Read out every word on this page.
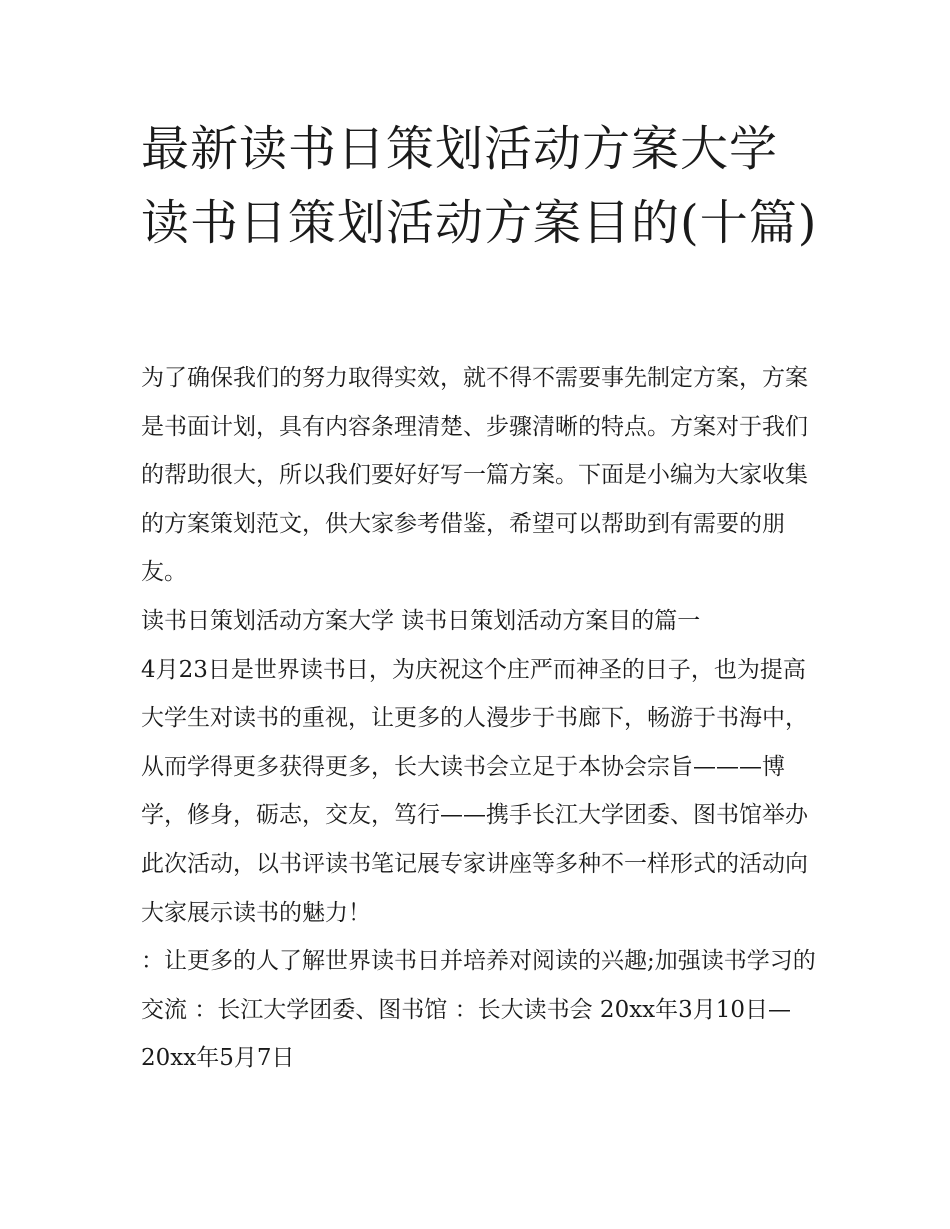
最新读书日策划活动方案大学读书日策划活动方案目的(十篇)

为了确保我们的努力取得实效，就不得不需要事先制定方案，方案是书面计划，具有内容条理清楚、步骤清晰的特点。方案对于我们的帮助很大，所以我们要好好写一篇方案。下面是小编为大家收集的方案策划范文，供大家参考借鉴，希望可以帮助到有需要的朋友。

读书日策划活动方案大学 读书日策划活动方案目的篇一

4月23日是世界读书日，为庆祝这个庄严而神圣的日子，也为提高大学生对读书的重视，让更多的人漫步于书廊下，畅游于书海中，从而学得更多获得更多，长大读书会立足于本协会宗旨———博学，修身，砺志，交友，笃行——携手长江大学团委、图书馆举办此次活动，以书评读书笔记展专家讲座等多种不一样形式的活动向大家展示读书的魅力！

：让更多的人了解世界读书日并培养对阅读的兴趣;加强读书学习的交流 ：长江大学团委、图书馆 ：长大读书会 20xx年3月10日—20xx年5月7日
